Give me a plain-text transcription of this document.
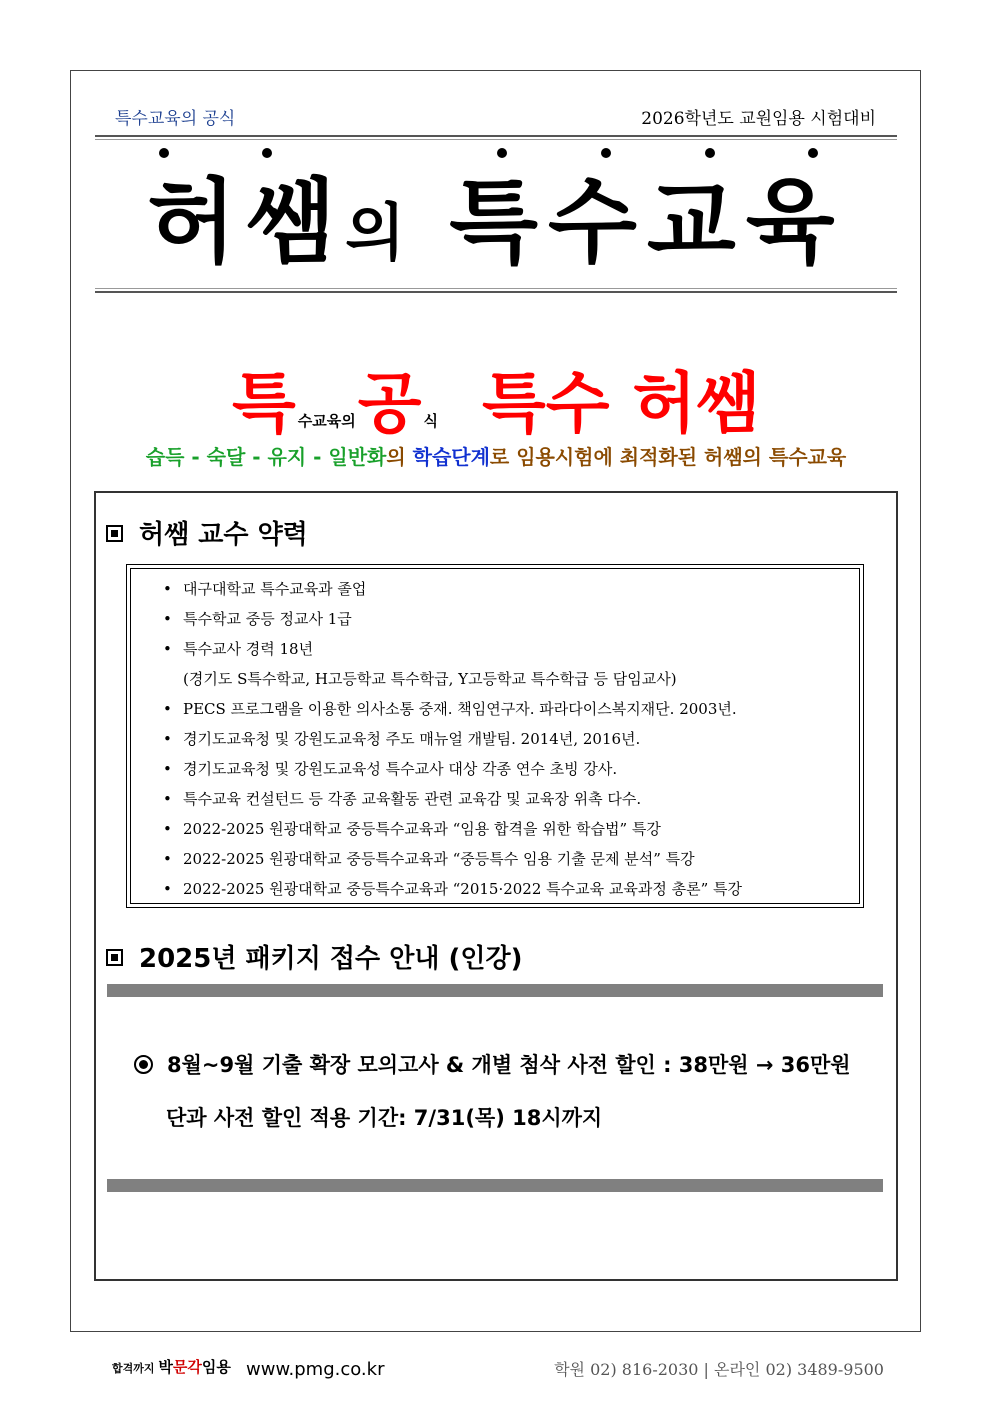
특수교육의 공식	2026학년도 교원임용 시험대비
허쌤의 특수교육
특수교육의공 식 특수 허쌤
습득 - 숙달 - 유지 - 일반화의 학습단계로 임용시험에 최적화된 허쌤의 특수교육
허쌤 교수 약력
• 대구대학교 특수교육과 졸업
• 특수학교 중등 정교사 1급
• 특수교사 경력 18년
(경기도 S특수학교, H고등학교 특수학급, Y고등학교 특수학급 등 담임교사)
• PECS 프로그램을 이용한 의사소통 중재. 책임연구자. 파라다이스복지재단. 2003년.
• 경기도교육청 및 강원도교육청 주도 매뉴얼 개발팀. 2014년, 2016년.
• 경기도교육청 및 강원도교육성 특수교사 대상 각종 연수 초빙 강사.
• 특수교육 컨설턴드 등 각종 교육활동 관련 교육감 및 교육장 위촉 다수.
• 2022-2025 원광대학교 중등특수교육과 “임용 합격을 위한 학습법” 특강
• 2022-2025 원광대학교 중등특수교육과 “중등특수 임용 기출 문제 분석” 특강
• 2022-2025 원광대학교 중등특수교육과 “2015·2022 특수교육 교육과정 총론” 특강
2025년 패키지 접수 안내 (인강)
8월~9월 기출 확장 모의고사 & 개별 첨삭 사전 할인 : 38만원 → 36만원
단과 사전 할인 적용 기간: 7/31(목) 18시까지
합격까지 박문각임용 www.pmg.co.kr	학원 02) 816-2030 | 온라인 02) 3489-9500
